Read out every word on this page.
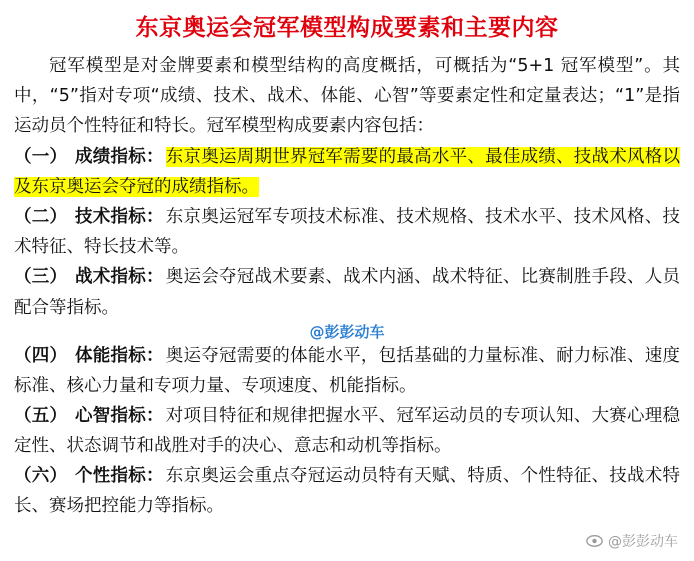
东京奥运会冠军模型构成要素和主要内容

冠军模型是对金牌要素和模型结构的高度概括，可概括为“5+1 冠军模型”。其中，“5”指对专项“成绩、技术、战术、体能、心智”等要素定性和定量表达；“1”是指运动员个性特征和特长。冠军模型构成要素内容包括：

（一） 成绩指标： 东京奥运周期世界冠军需要的最高水平、最佳成绩、技战术风格以及东京奥运会夺冠的成绩指标。

（二） 技术指标： 东京奥运冠军专项技术标准、技术规格、技术水平、技术风格、技术特征、特长技术等。

（三） 战术指标： 奥运会夺冠战术要素、战术内涵、战术特征、比赛制胜手段、人员配合等指标。

@彭彭动车

（四） 体能指标： 奥运夺冠需要的体能水平，包括基础的力量标准、耐力标准、速度标准、核心力量和专项力量、专项速度、机能指标。

（五） 心智指标： 对项目特征和规律把握水平、冠军运动员的专项认知、大赛心理稳定性、状态调节和战胜对手的决心、意志和动机等指标。

（六） 个性指标： 东京奥运会重点夺冠运动员特有天赋、特质、个性特征、技战术特长、赛场把控能力等指标。

@彭彭动车
